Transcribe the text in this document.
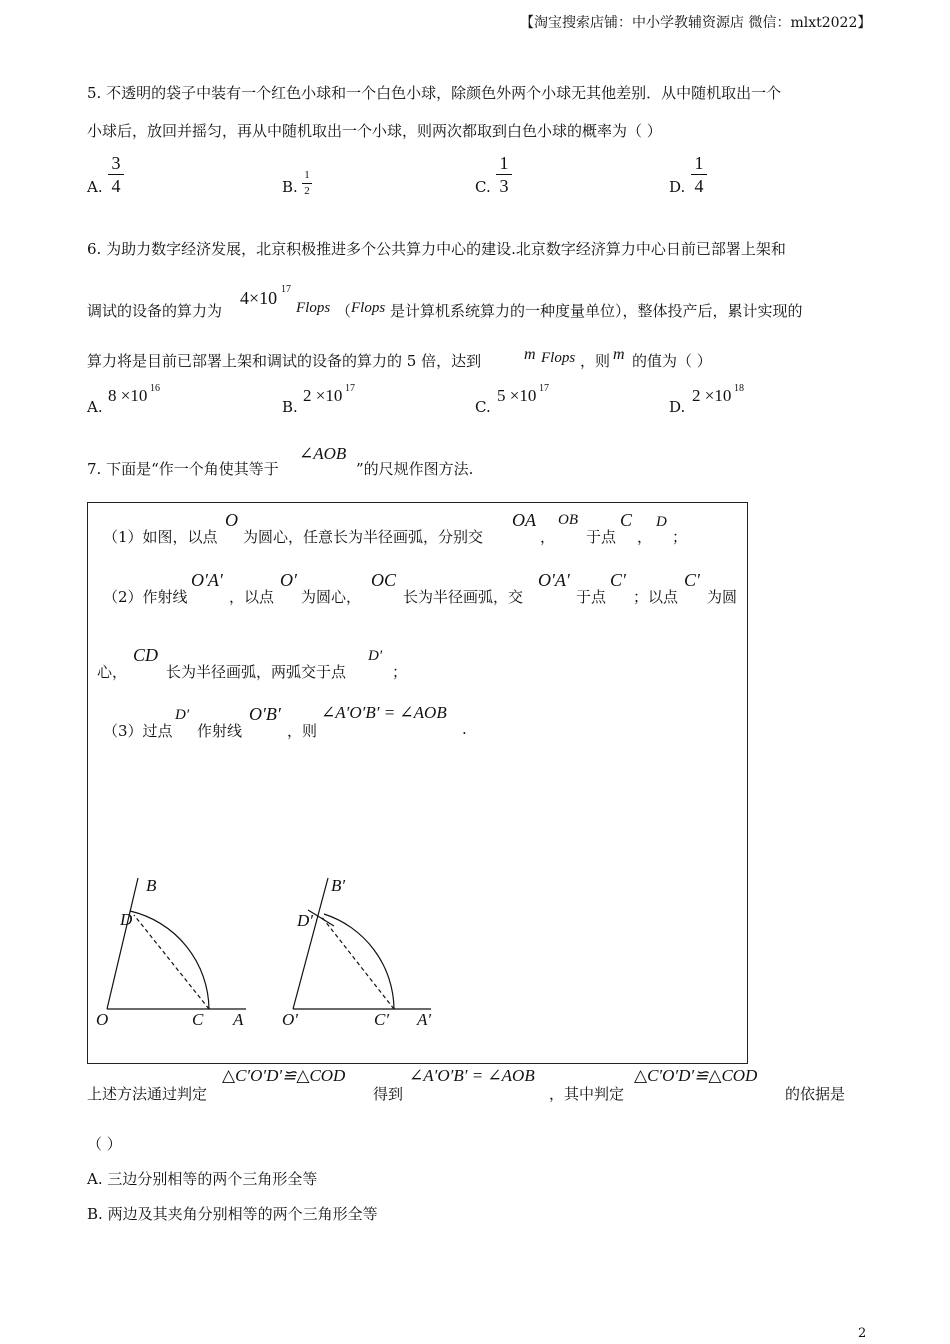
【淘宝搜索店铺：中小学教辅资源店 微信：mlxt2022】
5. 不透明的袋子中装有一个红色小球和一个白色小球，除颜色外两个小球无其他差别．从中随机取出一个
小球后，放回并摇匀，再从中随机取出一个小球，则两次都取到白色小球的概率为（ ）
A.
3
4	B.
1
2	C.
1
3	D.
1
4
6. 为助力数字经济发展，北京积极推进多个公共算力中心的建设.北京数字经济算力中心日前已部署上架和
调试的设备的算力为
4×10 17
Flops （ Flops 是计算机系统算力的一种度量单位），整体投产后，累计实现的
算力将是目前已部署上架和调试的设备的算力的 5 倍，达到	m Flops ，则 m 的值为（ ）
A.
8 ×10 16
B.
2 ×10 17
C.
5 ×10 17
D.
2 ×10 18
7. 下面是“作一个角使其等于
∠AOB
”的尺规作图方法.
（1）如图，以点
O
为圆心，任意长为半径画弧，分别交
OA
，
OB
于点
C
，
D
；
（2）作射线
O′A′
，以点
O′
为圆心，
OC
长为半径画弧，交
O′A′
于点
C′
；以点
C′
为圆
心，
CD
长为半径画弧，两弧交于点
D′
；
（3）过点
D′
作射线
O′B′
，则
∠A′O′B′ = ∠AOB
.
B
D
O	C A
B′
D′
O′	C′ A′
上述方法通过判定
△C′O′D′≌△COD
得到
∠A′O′B′ = ∠AOB
，其中判定
△C′O′D′≌△COD
的依据是
（ ）
A. 三边分别相等的两个三角形全等
B. 两边及其夹角分别相等的两个三角形全等
2
